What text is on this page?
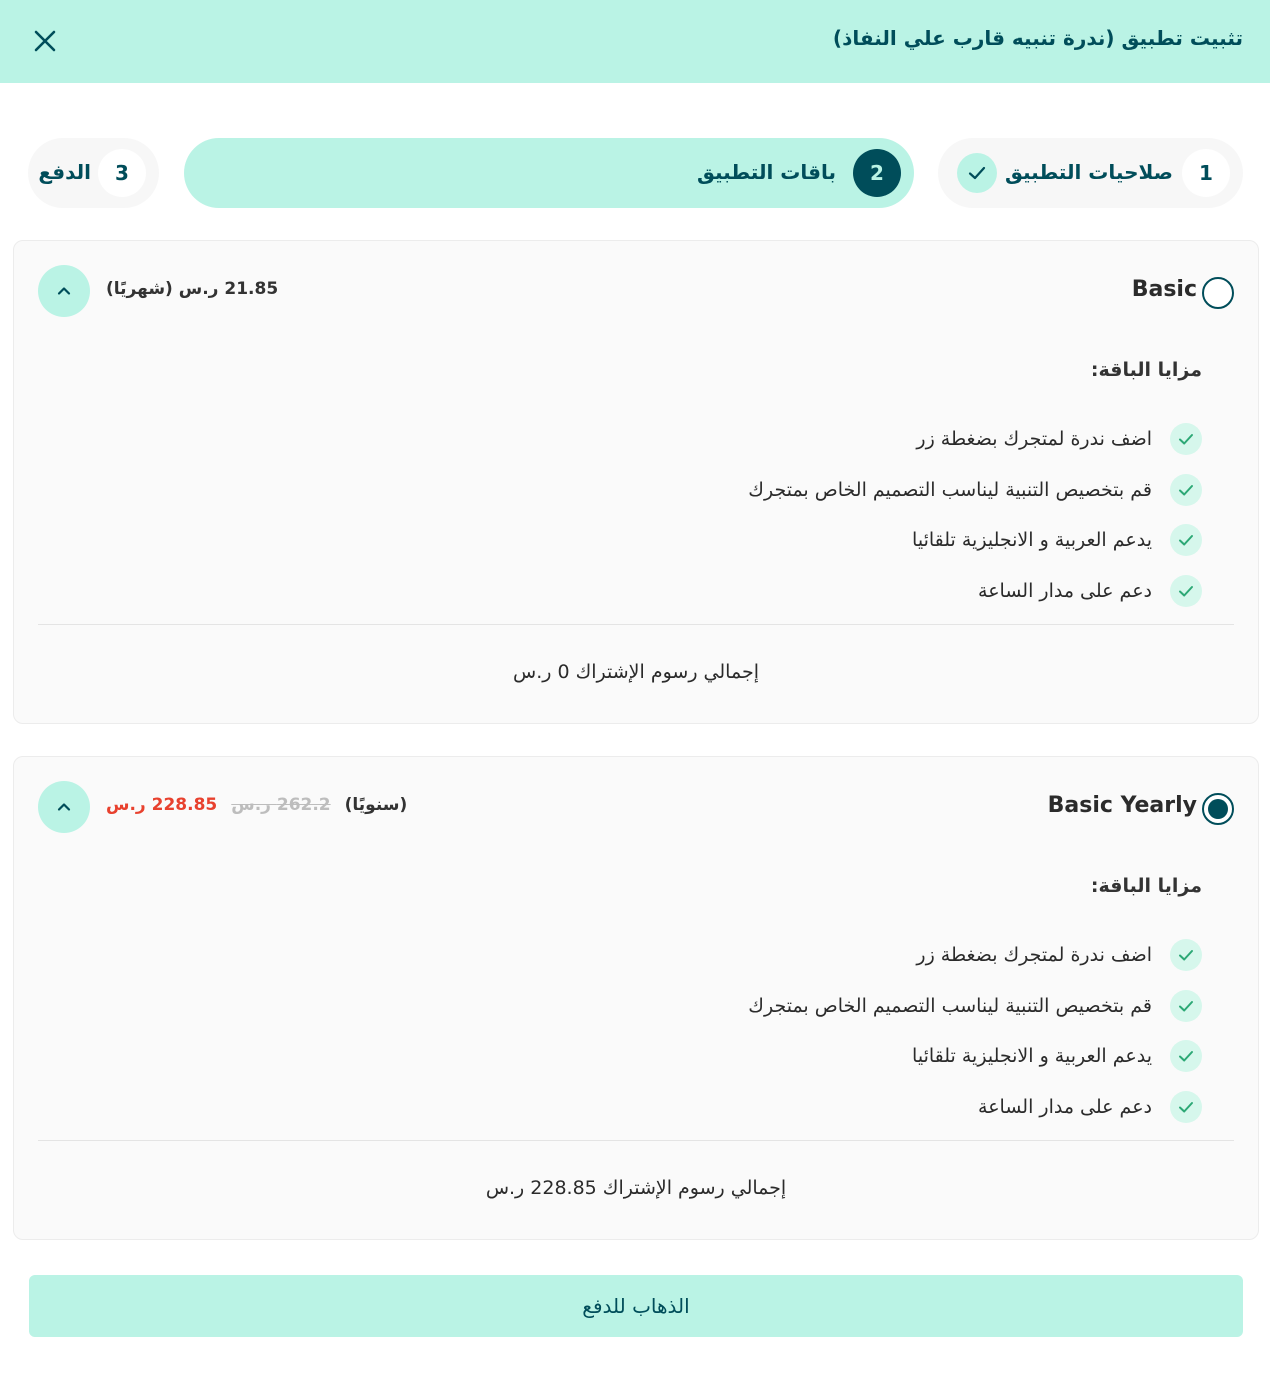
تثبيت تطبيق (ندرة تنبيه قارب علي النفاذ)
1
صلاحيات التطبيق
2
باقات التطبيق
3
الدفع
Basic
21.85 ر.س (شهريًا)
مزايا الباقة:
اضف ندرة لمتجرك بضغطة زر
قم بتخصيص التنبية ليناسب التصميم الخاص بمتجرك
يدعم العربية و الانجليزية تلقائيا
دعم على مدار الساعة
إجمالي رسوم الإشتراك 0 ر.س
Basic Yearly
228.85 ر.س 262.2 ر.س (سنويًا)
مزايا الباقة:
اضف ندرة لمتجرك بضغطة زر
قم بتخصيص التنبية ليناسب التصميم الخاص بمتجرك
يدعم العربية و الانجليزية تلقائيا
دعم على مدار الساعة
إجمالي رسوم الإشتراك 228.85 ر.س
الذهاب للدفع
